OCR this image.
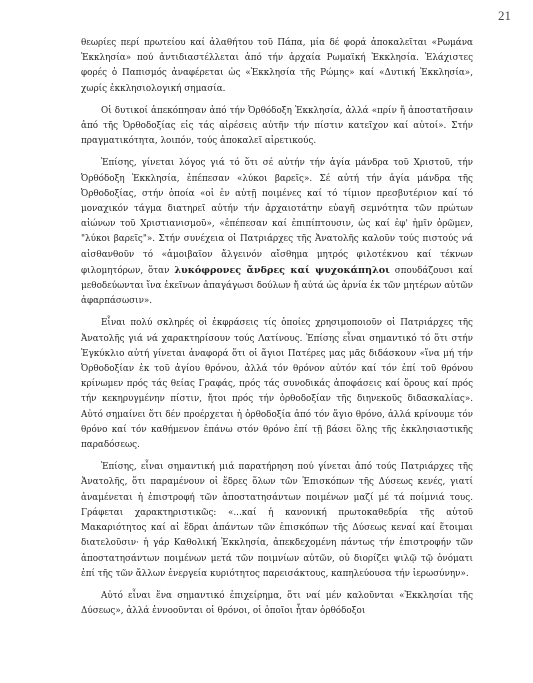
21

θεωρίες περί πρωτείου καί ἀλαθήτου τοῦ Πάπα, μία δέ φορά ἀποκαλεῖται «Ρωμάνα Ἐκκλησία» πού ἀντιδιαστέλλεται ἀπό τήν ἀρχαία Ρωμαϊκή Ἐκκλησία. Ἐλάχιστες φορές ὁ Παπισμός ἀναφέρεται ὡς «Ἐκκλησία τῆς Ρώμης» καί «Δυτική Ἐκκλησία», χωρίς ἐκκλησιολογική σημασία.

Οἱ δυτικοί ἀπεκόπησαν ἀπό τήν Ὀρθόδοξη Ἐκκλησία, ἀλλά «πρίν ἤ ἀποστατῆσαιν ἀπό τῆς Ὀρθοδοξίας εἰς τάς αἱρέσεις αὐτῆν τήν πίστιν κατεῖχον καί αὐτοί». Στήν πραγματικότητα, λοιπόν, τούς ἀποκαλεῖ αἱρετικούς.

Ἐπίσης, γίνεται λόγος γιά τό ὅτι σέ αὐτήν τήν ἁγία μάνδρα τοῦ Χριστοῦ, τήν Ὀρθόδοξη Ἐκκλησία, ἐπέπεσαν «λύκοι βαρεῖς». Σέ αὐτή τήν ἁγία μάνδρα τῆς Ὀρθοδοξίας, στήν ὁποία «οἱ ἐν αὐτῇ ποιμένες καί τό τίμιον πρεσβυτέριον καί τό μοναχικόν τάγμα διατηρεῖ αὐτήν τήν ἀρχαιοτάτην εὐαγῆ σεμνότητα τῶν πρώτων αἰώνων τοῦ Χριστιανισμοῦ», «ἐπέπεσαν καί ἐπιπίπτουσιν, ὡς καί ἐφ' ἡμῖν ὁρῶμεν, "λύκοι βαρεῖς"». Στήν συνέχεια οἱ Πατριάρχες τῆς Ἀνατολῆς καλοῦν τούς πιστούς νά αἰσθανθοῦν τό «ἀμοιβαῖον ἄλγεινόν αἴσθημα μητρός φιλοτέκνου καί τέκνων φιλομητόρων, ὅταν λυκόφρονες ἄνδρες καί ψυχοκάπηλοι σπουδάζουσι καί μεθοδεύωνται ἵνα ἐκεῖνων ἀπαγάγωσι δούλων ἤ αὐτά ὡς ἀρνία ἐκ τῶν μητέρων αὐτῶν ἀφαρπάσωσιν».

Εἶναι πολύ σκληρές οἱ ἐκφράσεις τίς ὁποίες χρησιμοποιοῦν οἱ Πατριάρχες τῆς Ἀνατολῆς γιά νά χαρακτηρίσουν τούς Λατίνους. Ἐπίσης εἶναι σημαντικό τό ὅτι στήν Ἐγκύκλιο αὐτή γίνεται ἀναφορά ὅτι οἱ ἅγιοι Πατέρες μας μᾶς διδάσκουν «ἵνα μή τήν Ὀρθοδοξίαν ἐκ τοῦ ἁγίου θρόνου, ἀλλά τόν θρόνον αὐτόν καί τόν ἐπί τοῦ θρόνου κρίνωμεν πρός τάς θείας Γραφάς, πρός τάς συνοδικάς ἀποφάσεις καί ὅρους καί πρός τήν κεκηρυγμένην πίστιν, ἤτοι πρός τήν ὀρθοδοξίαν τῆς διηνεκοῦς διδασκαλίας». Αὐτό σημαίνει ὅτι δέν προέρχεται ἡ ὀρθοδοξία ἀπό τόν ἅγιο θρόνο, ἀλλά κρίνουμε τόν θρόνο καί τόν καθήμενον ἐπάνω στόν θρόνο ἐπί τῇ βάσει ὅλης τῆς ἐκκλησιαστικῆς παραδόσεως.

Ἐπίσης, εἶναι σημαντική μιά παρατήρηση πού γίνεται ἀπό τούς Πατριάρχες τῆς Ἀνατολῆς, ὅτι παραμένουν οἱ ἕδρες ὅλων τῶν Ἐπισκόπων τῆς Δύσεως κενές, γιατί ἀναμένεται ἡ ἐπιστροφή τῶν ἀποστατησάντων ποιμένων μαζί μέ τά ποίμνιά τους. Γράφεται χαρακτηριστικῶς: «...καί ἡ κανονική πρωτοκαθεδρία τῆς αὐτοῦ Μακαριότητος καί αἱ ἕδραι ἁπάντων τῶν ἐπισκόπων τῆς Δύσεως κεναί καί ἕτοιμαι διατελοῦσιν· ἡ γάρ Καθολική Ἐκκλησία, ἀπεκδεχομένη πάντως τήν ἐπιστροφήν τῶν ἀποστατησάντων ποιμένων μετά τῶν ποιμνίων αὐτῶν, οὐ διορίζει ψιλῷ τῷ ὀνόματι ἐπί τῆς τῶν ἄλλων ἐνεργεία κυριότητος παρεισάκτους, καπηλεύουσα τήν ἱερωσύνην».

Αὐτό εἶναι ἕνα σημαντικό ἐπιχείρημα, ὅτι ναί μέν καλοῦνται «Ἐκκλησίαι τῆς Δύσεως», ἀλλά ἐννοοῦνται οἱ θρόνοι, οἱ ὁποῖοι ἦταν ὀρθόδοξοι
